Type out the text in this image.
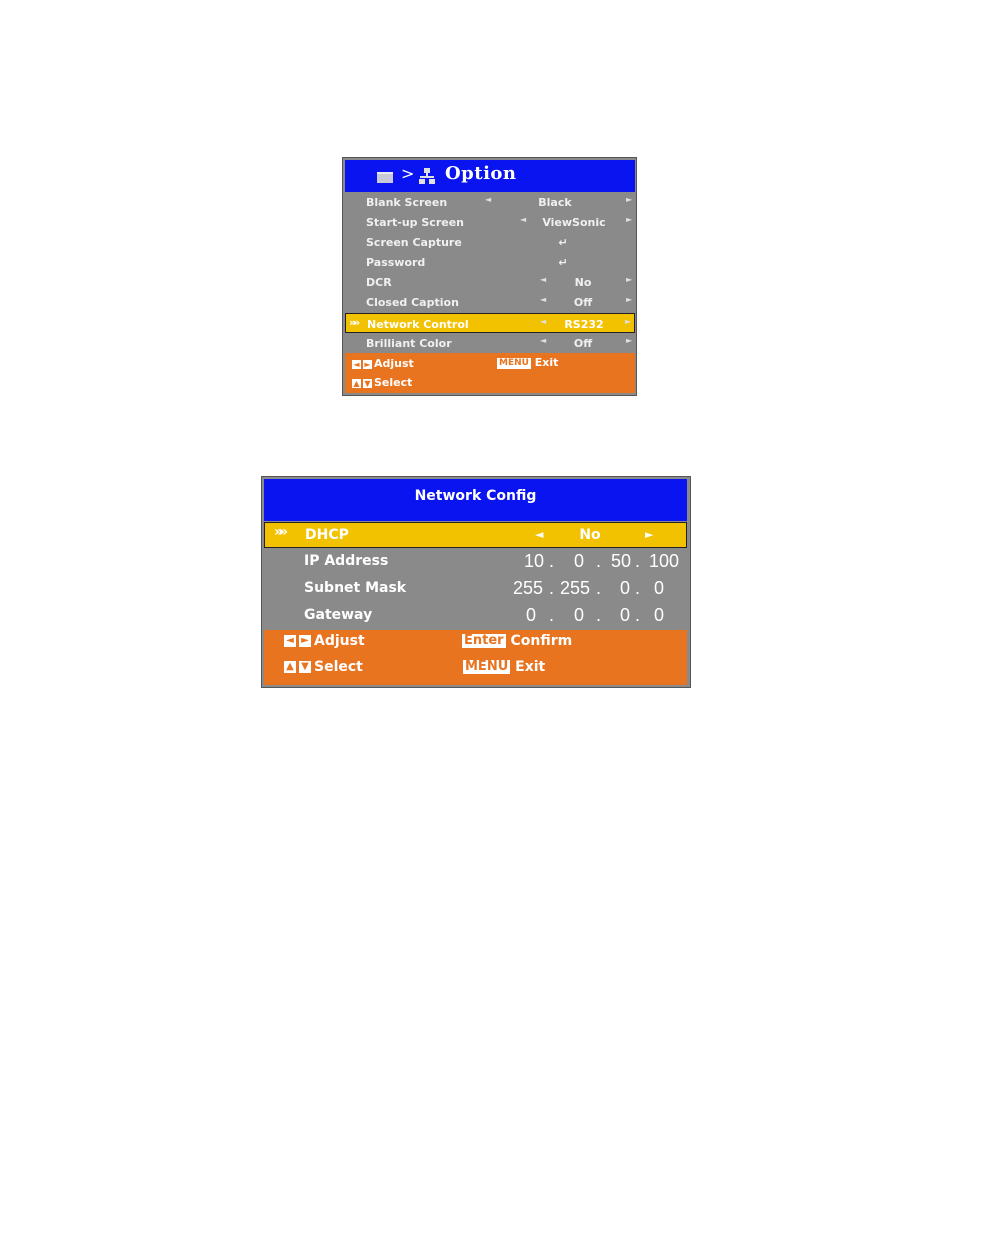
> Option
Blank Screen	◄	Black	►
Start-up Screen	◄	ViewSonic	►
Screen Capture	↵
Password	↵
DCR	◄	No	►
Closed Caption	◄	Off	►
»» Network Control	◄	RS232	►
Brilliant Color	◄	Off	►
◄ ► Adjust
▲ ▼ Select
MENU Exit
Network Config
»» DHCP	◄	No	►
IP Address	10 . 0 . 50 . 100
Subnet Mask	255 . 255 . 0 . 0
Gateway	0 . 0 . 0 . 0
◄ ► Adjust
▲ ▼ Select
Enter Confirm
MENU Exit
